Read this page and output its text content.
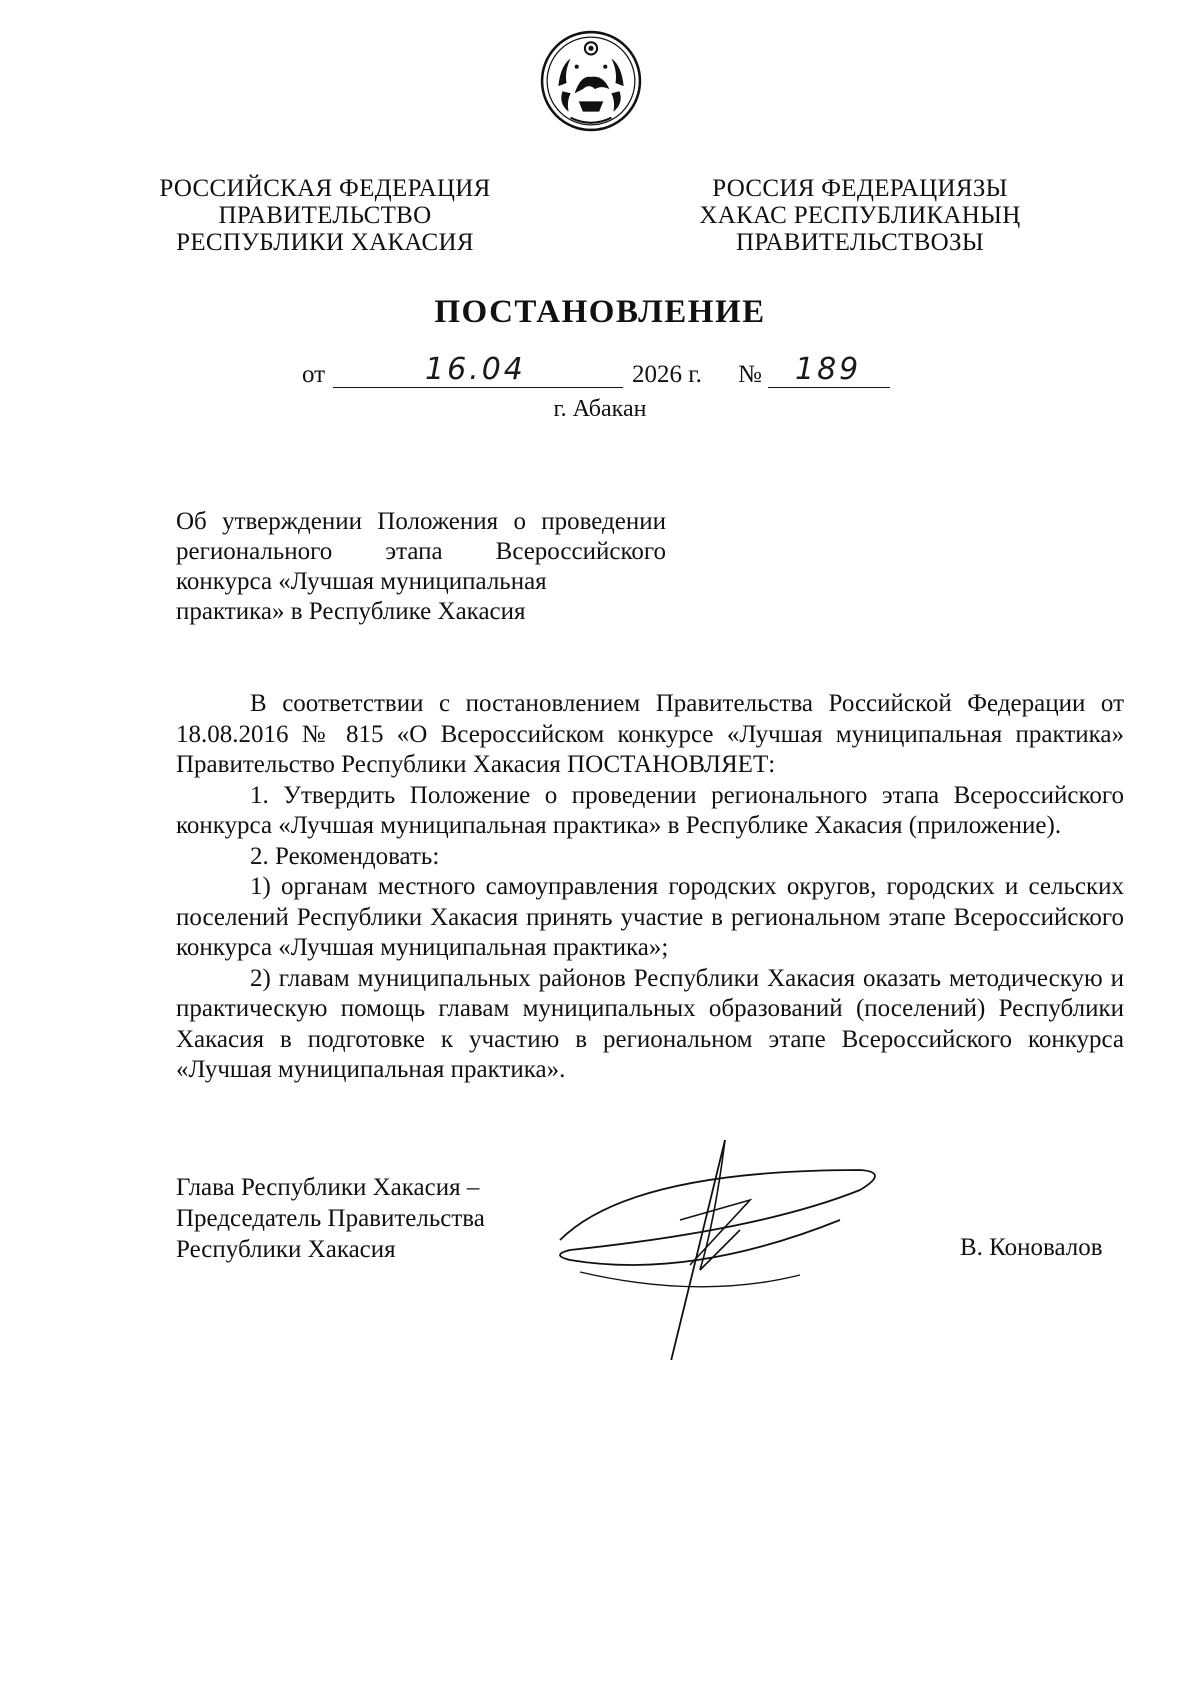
РОССИЙСКАЯ ФЕДЕРАЦИЯ
ПРАВИТЕЛЬСТВО
РЕСПУБЛИКИ ХАКАСИЯ
РОССИЯ ФЕДЕРАЦИЯЗЫ
ХАКАС РЕСПУБЛИКАНЫҢ
ПРАВИТЕЛЬСТВОЗЫ
ПОСТАНОВЛЕНИЕ
от	16.04	2026 г. № 189
г. Абакан
Об утверждении Положения о проведении регионального этапа Всероссийского конкурса «Лучшая муниципальная
практика» в Республике Хакасия

В соответствии с постановлением Правительства Российской Федерации от 18.08.2016 № 815 «О Всероссийском конкурсе «Лучшая муниципальная практика» Правительство Республики Хакасия ПОСТАНОВЛЯЕТ:

1. Утвердить Положение о проведении регионального этапа Всероссийского конкурса «Лучшая муниципальная практика» в Республике Хакасия (приложение).

2. Рекомендовать:

1) органам местного самоуправления городских округов, городских и сельских поселений Республики Хакасия принять участие в региональном этапе Всероссийского конкурса «Лучшая муниципальная практика»;

2) главам муниципальных районов Республики Хакасия оказать методическую и практическую помощь главам муниципальных образований (поселений) Республики Хакасия в подготовке к участию в региональном этапе Всероссийского конкурса «Лучшая муниципальная практика».

Глава Республики Хакасия –
Председатель Правительства
Республики Хакасия	В. Коновалов
